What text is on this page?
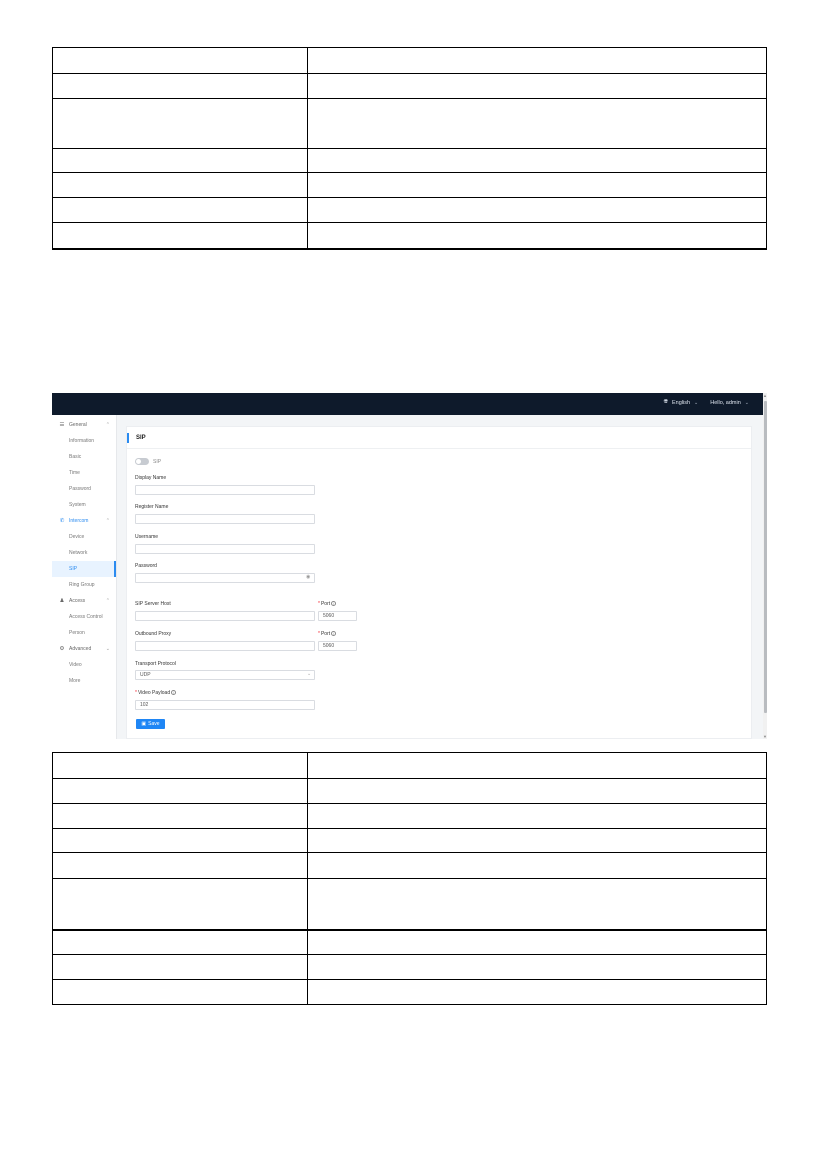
🌐︎ English ⌄ Hello, admin ⌄
☰ General	⌃
Information
Basic
Time
Password
System
✆ Intercom	⌃
Device
Network
SIP
Ring Group
♟︎ Access	⌃
Access Control
Person
⚙︎ Advanced	⌄
Video
More
SIP
SIP
Display Name
Register Name
Username
Password
◉
SIP Server Host	*Port i
5060
Outbound Proxy	*Port i
5060
Transport Protocol
UDP	⌄
*Video Payload i
102
▣ Save
▲
▼
